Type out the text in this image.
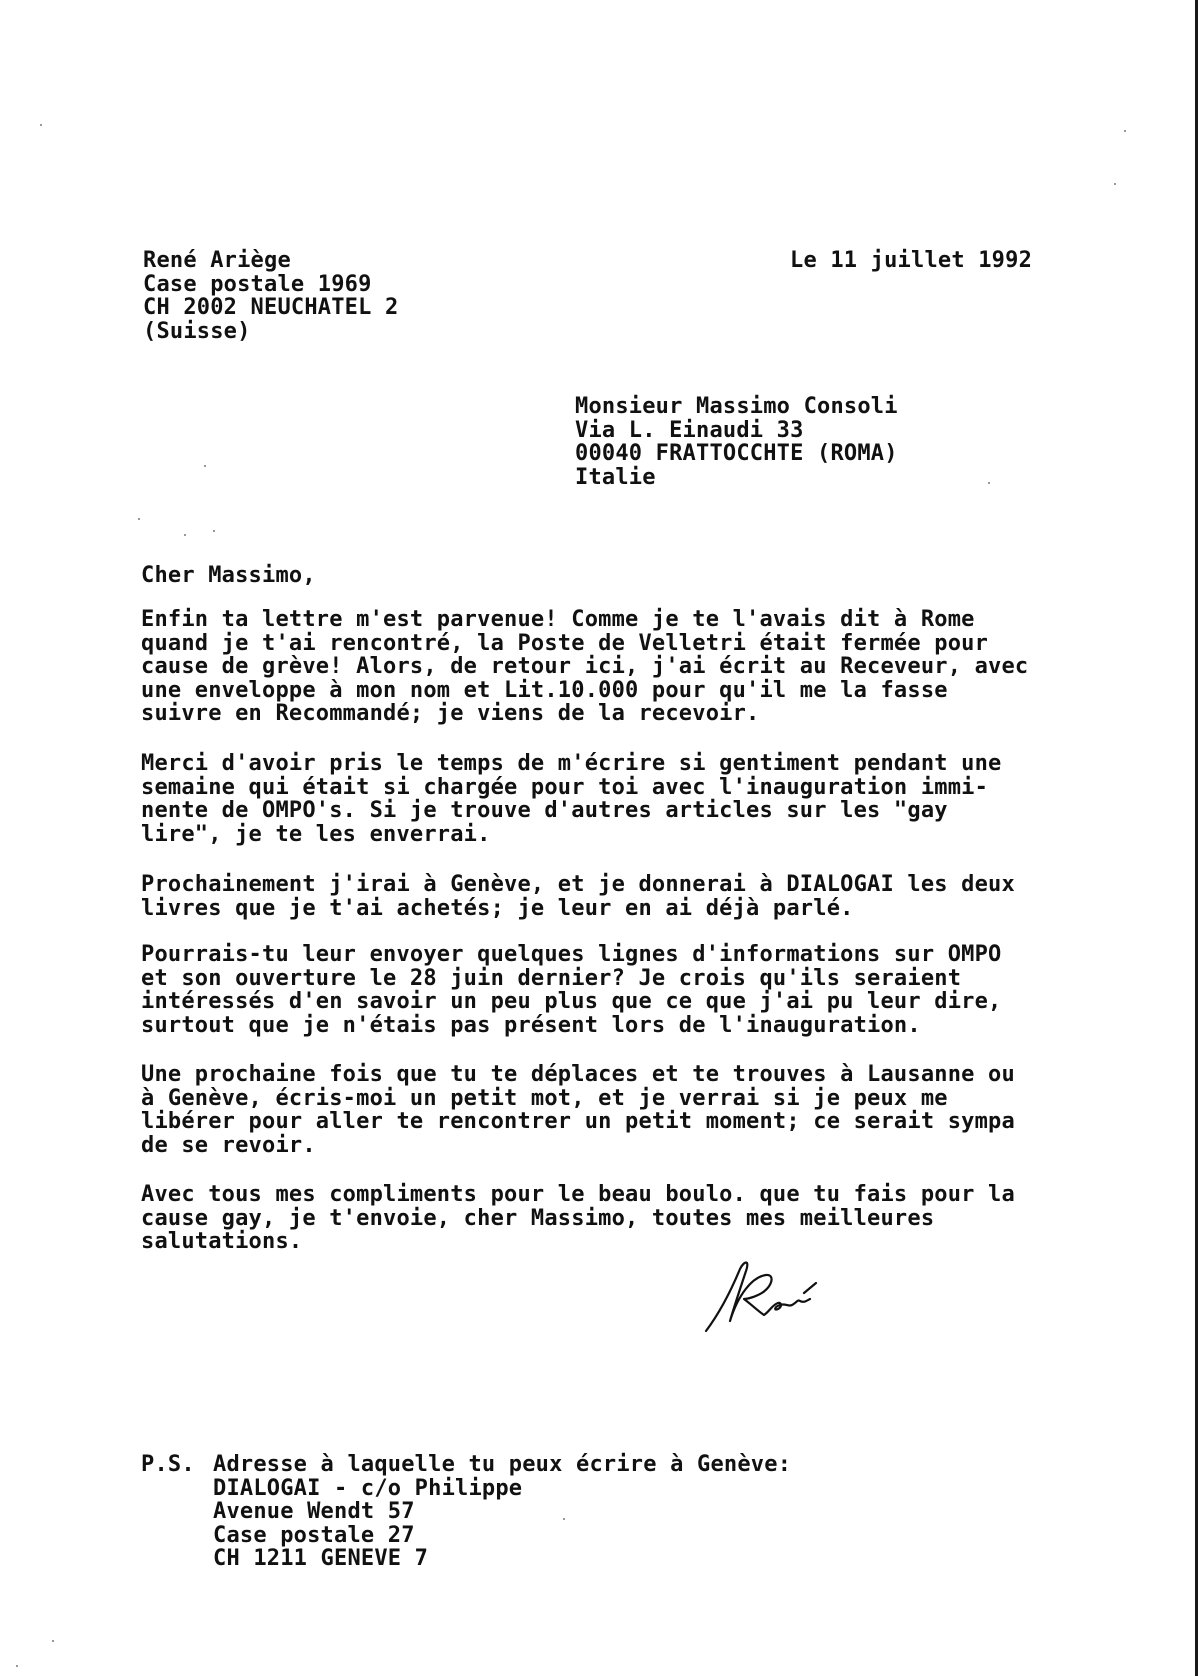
René Ariège
Case postale 1969
CH 2002 NEUCHATEL 2
(Suisse)
Le 11 juillet 1992
Monsieur Massimo Consoli
Via L. Einaudi 33
00040 FRATTOCCHTE (ROMA)
Italie
Cher Massimo,
Enfin ta lettre m'est parvenue! Comme je te l'avais dit à Rome
quand je t'ai rencontré, la Poste de Velletri était fermée pour
cause de grève! Alors, de retour ici, j'ai écrit au Receveur, avec
une enveloppe à mon nom et Lit.10.000 pour qu'il me la fasse
suivre en Recommandé; je viens de la recevoir.
Merci d'avoir pris le temps de m'écrire si gentiment pendant une
semaine qui était si chargée pour toi avec l'inauguration immi-
nente de OMPO's. Si je trouve d'autres articles sur les "gay
lire", je te les enverrai.
Prochainement j'irai à Genève, et je donnerai à DIALOGAI les deux
livres que je t'ai achetés; je leur en ai déjà parlé.
Pourrais-tu leur envoyer quelques lignes d'informations sur OMPO
et son ouverture le 28 juin dernier? Je crois qu'ils seraient
intéressés d'en savoir un peu plus que ce que j'ai pu leur dire,
surtout que je n'étais pas présent lors de l'inauguration.
Une prochaine fois que tu te déplaces et te trouves à Lausanne ou
à Genève, écris-moi un petit mot, et je verrai si je peux me
libérer pour aller te rencontrer un petit moment; ce serait sympa
de se revoir.
Avec tous mes compliments pour le beau boulo. que tu fais pour la
cause gay, je t'envoie, cher Massimo, toutes mes meilleures
salutations.
P.S. Adresse à laquelle tu peux écrire à Genève:
DIALOGAI - c/o Philippe
Avenue Wendt 57
Case postale 27
CH 1211 GENEVE 7
